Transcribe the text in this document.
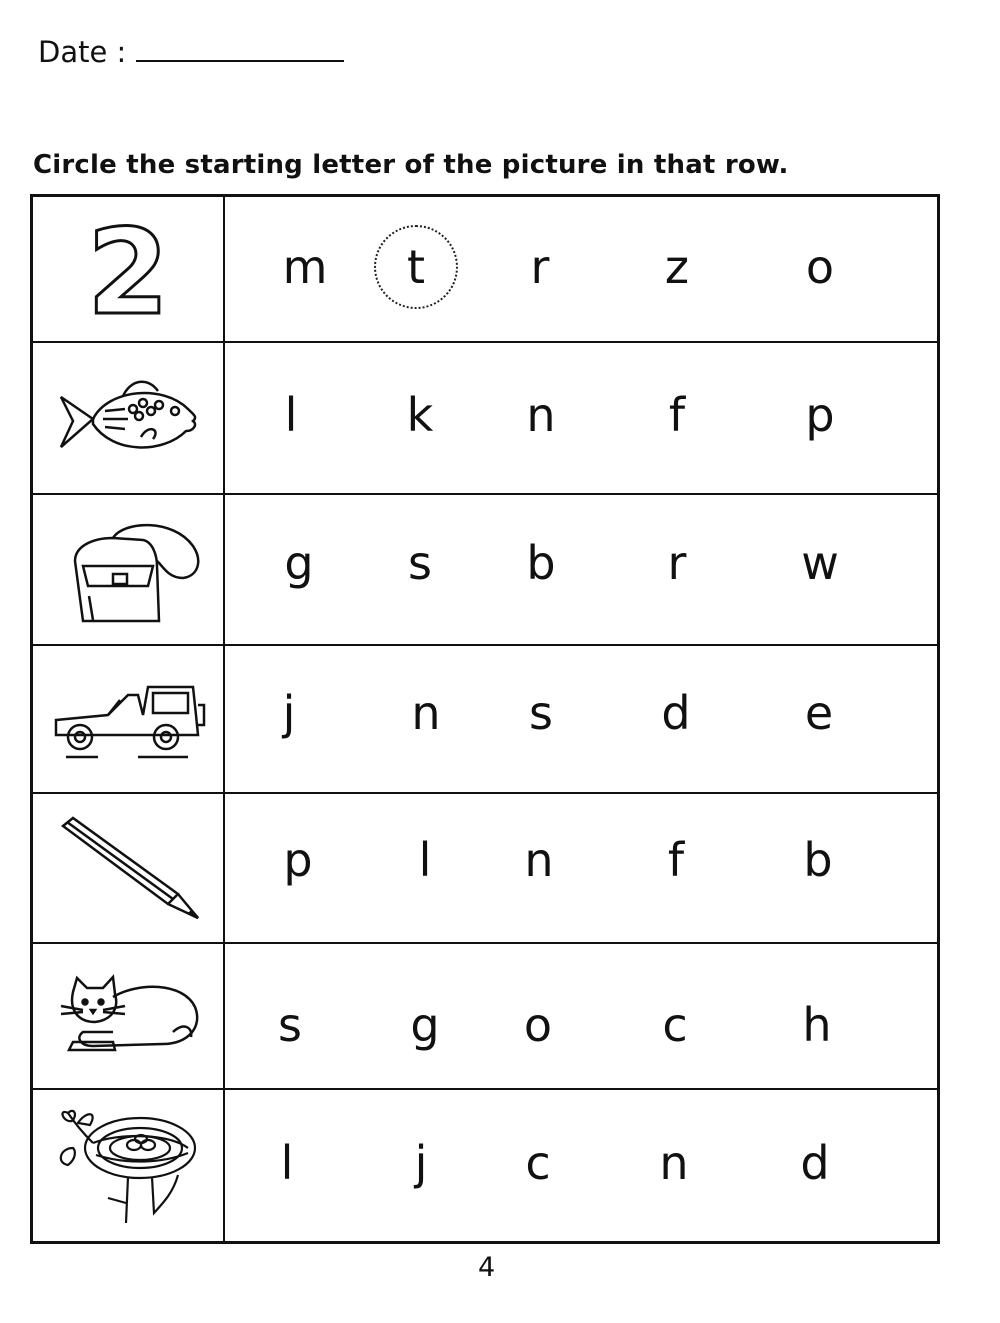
Date :
Circle the starting letter of the picture in that row.
2 m t r	z	o
l k n f	p
g s b r w
j	n s d e
p l n f	b
s g o c h
l	j c n d
4
